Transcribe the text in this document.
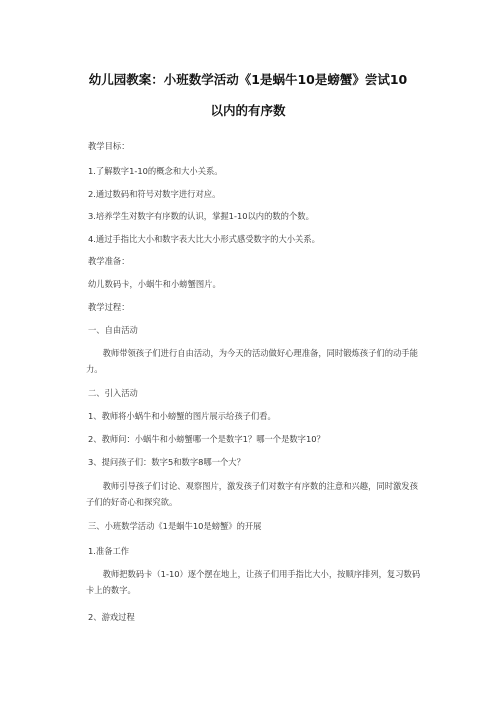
幼儿园教案：小班数学活动《1是蜗牛10是螃蟹》尝试10
以内的有序数
教学目标：
1.了解数字1-10的概念和大小关系。
2.通过数码和符号对数字进行对应。
3.培养学生对数字有序数的认识，掌握1-10以内的数的个数。
4.通过手指比大小和数字表大比大小形式感受数字的大小关系。
教学准备：
幼儿数码卡，小蜗牛和小螃蟹图片。
教学过程：
一、自由活动
教师带领孩子们进行自由活动，为今天的活动做好心理准备，同时锻炼孩子们的动手能力。
二、引入活动
1、教师将小蜗牛和小螃蟹的图片展示给孩子们看。
2、教师问：小蜗牛和小螃蟹哪一个是数字1？哪一个是数字10？
3、提问孩子们：数字5和数字8哪一个大？
教师引导孩子们讨论、观察图片，激发孩子们对数字有序数的注意和兴趣，同时激发孩子们的好奇心和探究欲。
三、小班数学活动《1是蜗牛10是螃蟹》的开展
1.准备工作
教师把数码卡（1-10）逐个摆在地上，让孩子们用手指比大小，按顺序排列，复习数码卡上的数字。
2、游戏过程
